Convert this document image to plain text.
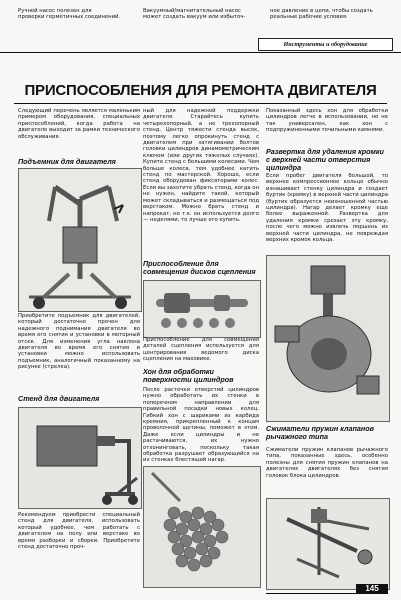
Ручной насос полезен для
проверки герметичных соединений.
Вакуумный/магнитательный насос
может создать вакуум или избыточ-
ное давление в цепи, чтобы создать
реальные рабочие условия.
Инструменты и оборудование
ПРИСПОСОБЛЕНИЯ ДЛЯ РЕМОНТА ДВИГАТЕЛЯ
Следующий перечень является маленьким примером оборудования, специальных приспособлений, когда работа на двигателе выходит за рамки технического обслуживания.
Подъемник для двигателя
Приобретите подъемник для двигателей, который достаточно прочен для надежного поднимания двигателя во время его снятия и установки в моторный отсек. Для изменения угла наклона двигателя во время его снятия и установки можно использовать подъемник, аналогичный показанному на рисунке (стрелка).
Стенд для двигателя
Рекомендуем приобрести специальный стенд для двигателя, использовать который удобнее, чем работать с двигателем на полу или верстаке во время разборки и сборки. Приобретите стенд достаточно проч-
ный для надежной поддержки двигателя. Старайтесь купить четырехопорный, а не трехопорный стенд. Центр тяжести стенда высок, поэтому легко опрокинуть стенд с двигателем при затягивании болтов головки цилиндров динамометрическим ключом (или других тяжелых случаях). Купите стенд с большими колесами. Чем больше колеса, тем удобнее катить стенд по мастерской. Хорошо, если стенд оборудован фиксаторами колес. Если вы захотите убрать стенд, когда он не нужен, найдите такой, который может складываться и размещаться под верстаком. Можно брать стенд и напрокат, но т.к. он используется долго — неделями, то лучше его купить.
Приспособление для совмещения дисков сцепления
Приспособление для совмещения деталей сцепления используется для центрирования ведомого диска сцепления на маховике.
Хон для обработки поверхности цилиндров
После расточки отверстий цилиндров нужно обработать их стенки в поперечном направлении для правильной посадки новых колец. Гибкий хон с шариками из карбида кремния, прикрепленный к концам проволочной щетины, поможет в этом. Даже если цилиндры и не растачиваются, их нужно отхонинговать, поскольку такая обработка разрушает образующийся на их стенках блестящий нагар.
Показанный здесь хон для обработки цилиндров легче в использовании, но не так универсален, как хон с подпружиненными точильными камнями.
Развертка для удаления кромки с верхней части отверстия цилиндра
Если пробег двигателя большой, то верхнее компрессионное кольцо обычно изнашивает стенку цилиндра и создает буртик (кромку) в верхней части цилиндра (буртик образуется неизношенной частью цилиндра). Нагар делает кромку еще более выраженной. Развертка для удаления кромки срезает эту кромку, после чего можно извлечь поршень из верхней части цилиндра, не повреждая верхних кромок кольца.
Сжиматели пружин клапанов рычажного типа
Сжиматели пружин клапанов рычажного типа, показанные здесь, особенно полезны для снятия пружин клапанов на двигателях двигателях без снятия головок блока цилиндров.
145
